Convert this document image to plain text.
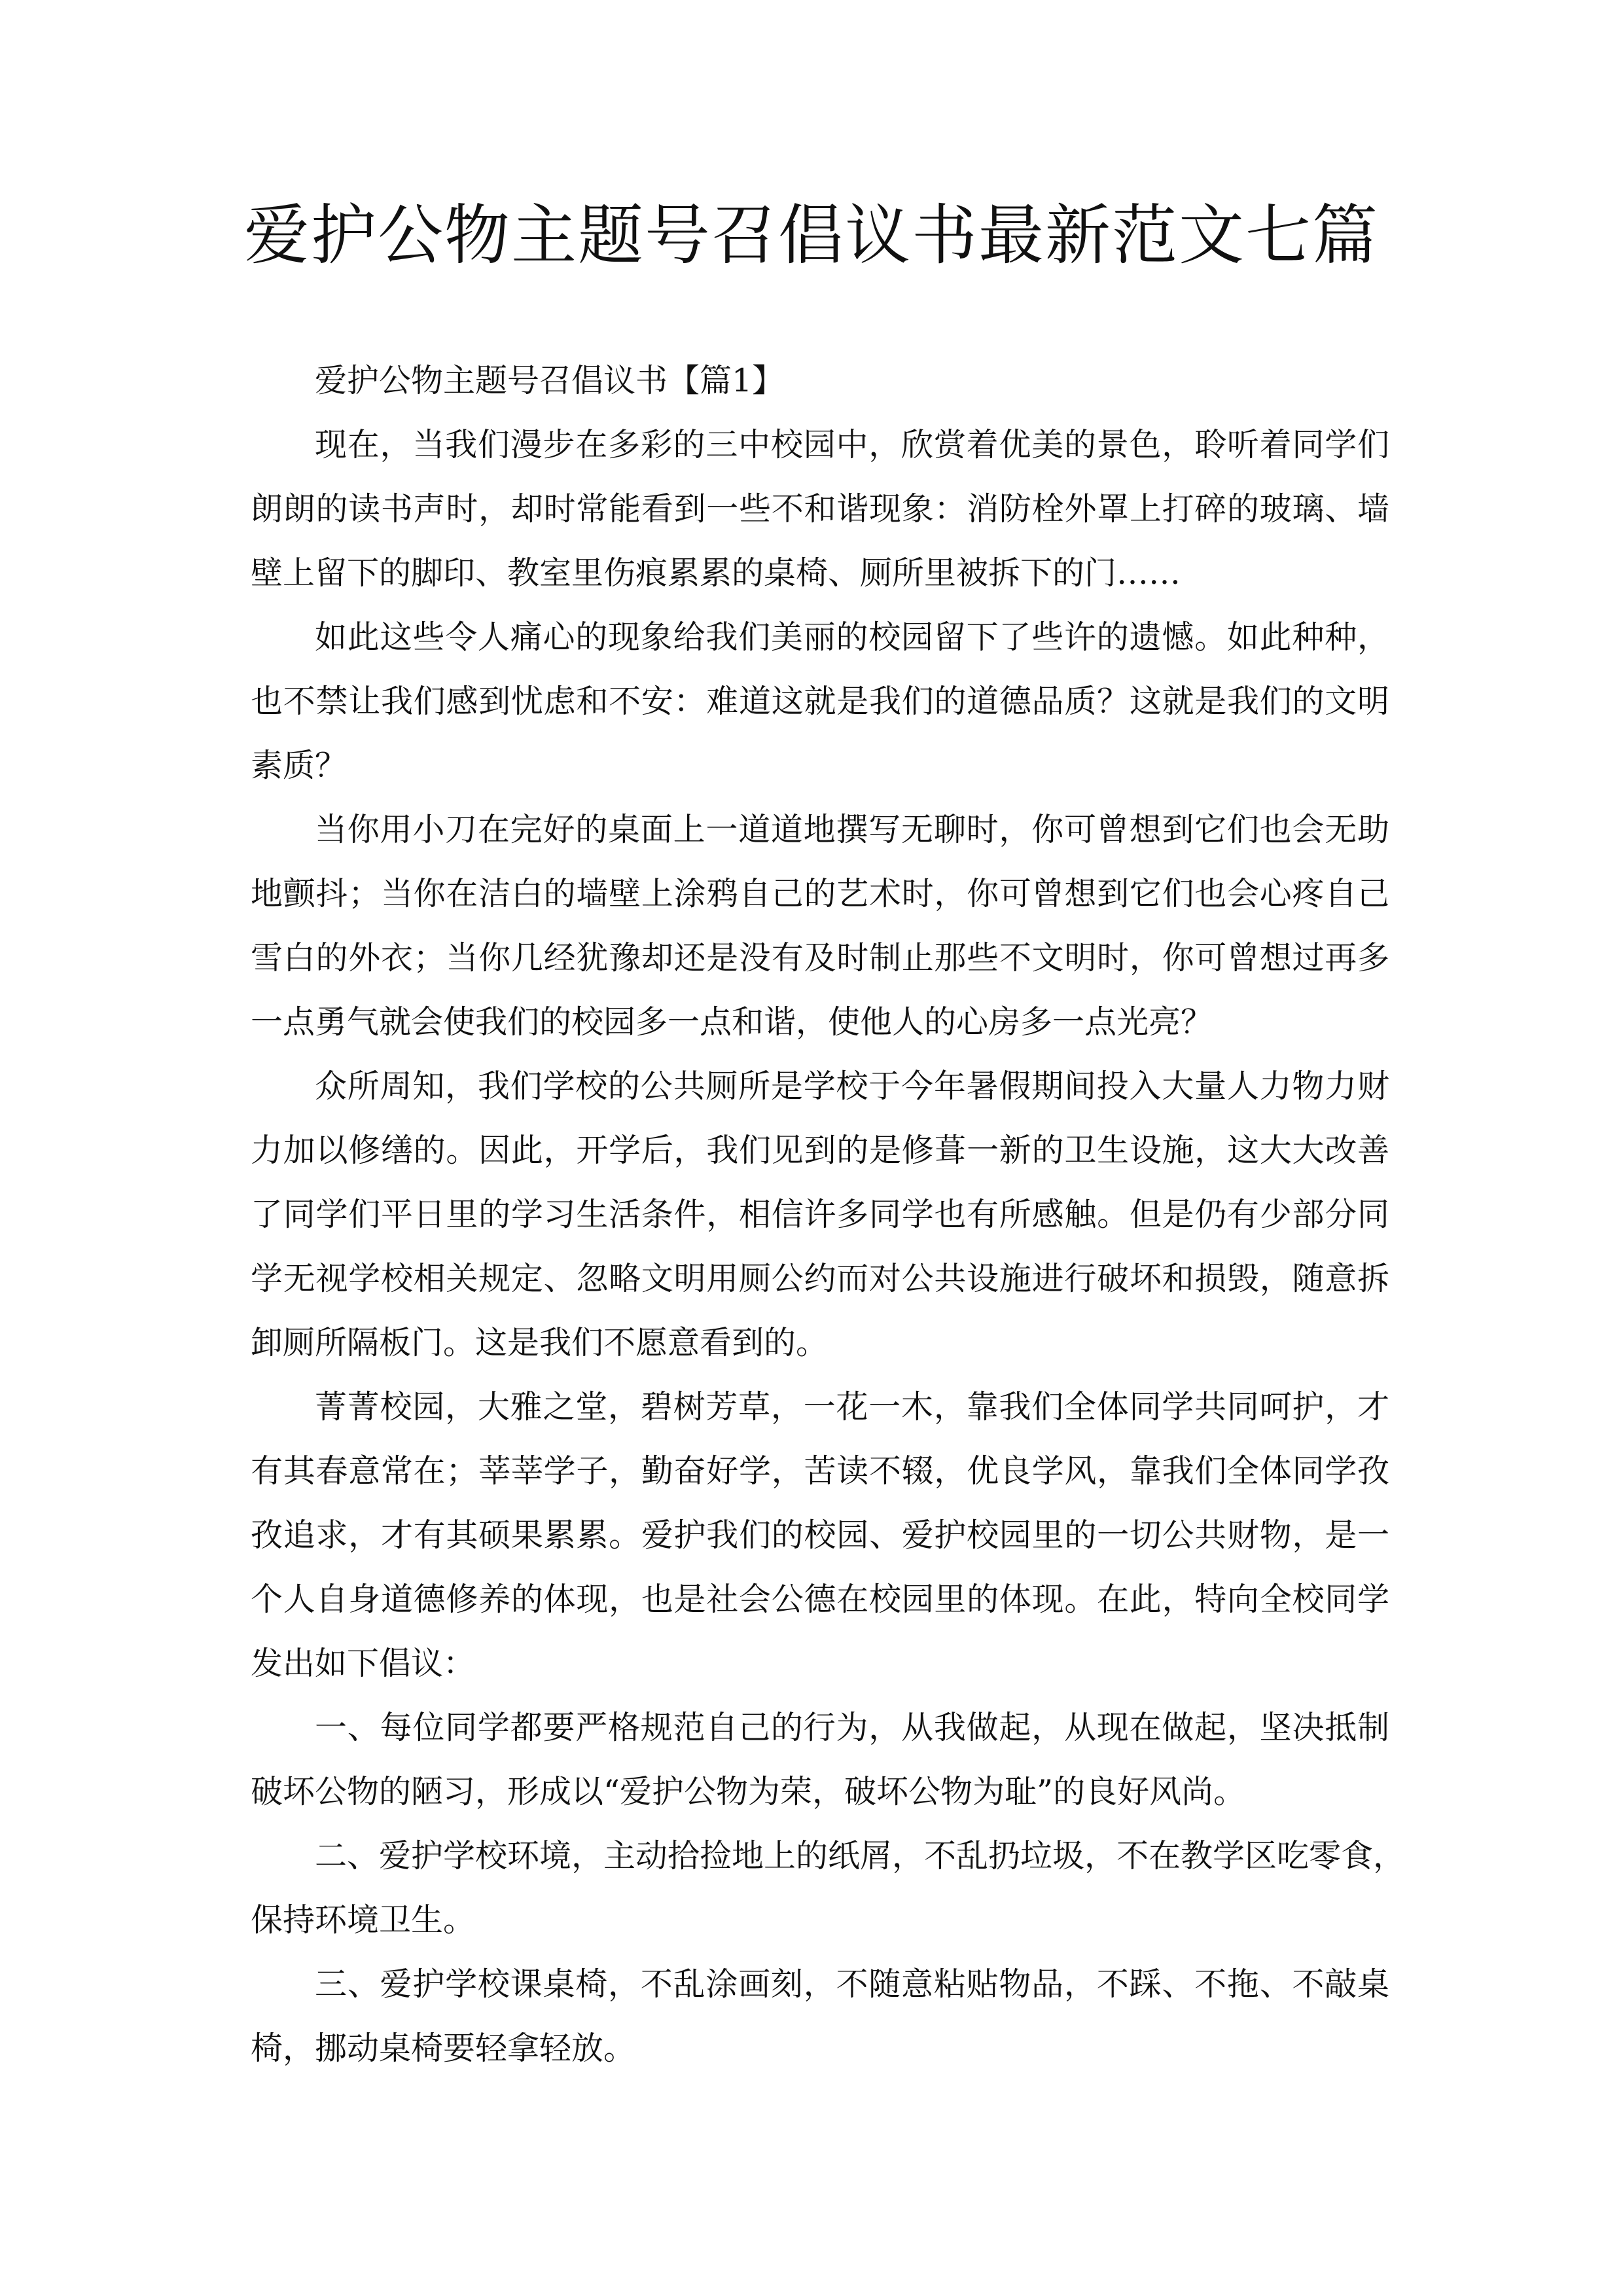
爱护公物主题号召倡议书最新范文七篇
爱护公物主题号召倡议书【篇1】
现在，当我们漫步在多彩的三中校园中，欣赏着优美的景色，聆听着同学们
朗朗的读书声时，却时常能看到一些不和谐现象：消防栓外罩上打碎的玻璃、墙
壁上留下的脚印、教室里伤痕累累的桌椅、厕所里被拆下的门……
如此这些令人痛心的现象给我们美丽的校园留下了些许的遗憾。如此种种，
也不禁让我们感到忧虑和不安：难道这就是我们的道德品质？这就是我们的文明
素质？
当你用小刀在完好的桌面上一道道地撰写无聊时，你可曾想到它们也会无助
地颤抖；当你在洁白的墙壁上涂鸦自己的艺术时，你可曾想到它们也会心疼自己
雪白的外衣；当你几经犹豫却还是没有及时制止那些不文明时，你可曾想过再多
一点勇气就会使我们的校园多一点和谐，使他人的心房多一点光亮？
众所周知，我们学校的公共厕所是学校于今年暑假期间投入大量人力物力财
力加以修缮的。因此，开学后，我们见到的是修葺一新的卫生设施，这大大改善
了同学们平日里的学习生活条件，相信许多同学也有所感触。但是仍有少部分同
学无视学校相关规定、忽略文明用厕公约而对公共设施进行破坏和损毁，随意拆
卸厕所隔板门。这是我们不愿意看到的。
菁菁校园，大雅之堂，碧树芳草，一花一木，靠我们全体同学共同呵护，才
有其春意常在；莘莘学子，勤奋好学，苦读不辍，优良学风，靠我们全体同学孜
孜追求，才有其硕果累累。爱护我们的校园、爱护校园里的一切公共财物，是一
个人自身道德修养的体现，也是社会公德在校园里的体现。在此，特向全校同学
发出如下倡议：
一、每位同学都要严格规范自己的行为，从我做起，从现在做起，坚决抵制
破坏公物的陋习，形成以“爱护公物为荣，破坏公物为耻”的良好风尚。
二、爱护学校环境，主动拾捡地上的纸屑，不乱扔垃圾，不在教学区吃零食，
保持环境卫生。
三、爱护学校课桌椅，不乱涂画刻，不随意粘贴物品，不踩、不拖、不敲桌
椅，挪动桌椅要轻拿轻放。
